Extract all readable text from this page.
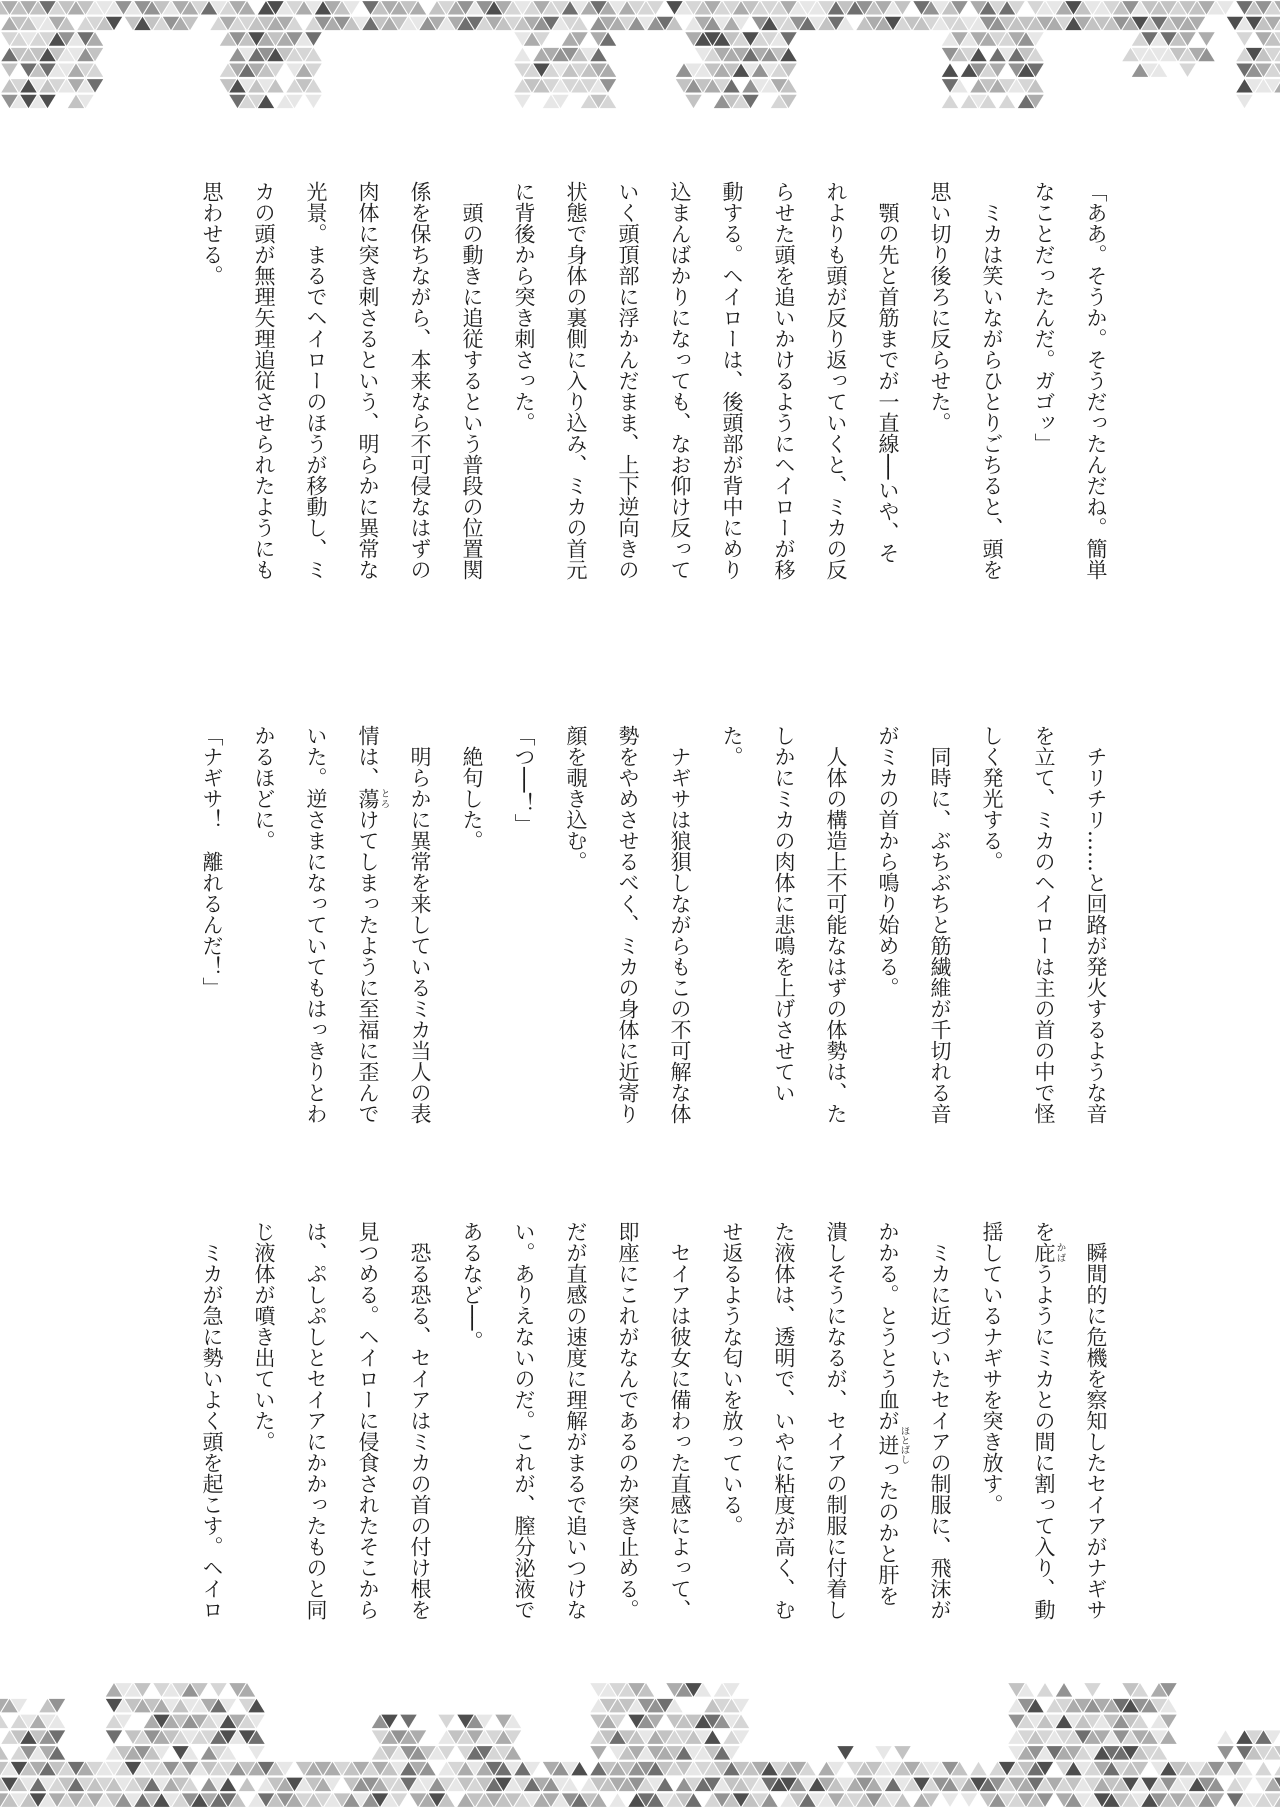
「ああ。そうか。そうだったんだね。簡単なことだったんだ。ガゴッ」

ミカは笑いながらひとりごちると、頭を思い切り後ろに反らせた。

顎の先と首筋までが一直線──いや、それよりも頭が反り返っていくと、ミカの反らせた頭を追いかけるようにヘイローが移動する。ヘイローは、後頭部が背中にめり込まんばかりになっても、なお仰け反っていく頭頂部に浮かんだまま、上下逆向きの状態で身体の裏側に入り込み、ミカの首元に背後から突き刺さった。

頭の動きに追従するという普段の位置関係を保ちながら、本来なら不可侵なはずの肉体に突き刺さるという、明らかに異常な光景。まるでヘイローのほうが移動し、ミカの頭が無理矢理追従させられたようにも思わせる。

チリチリ……と回路が発火するような音を立て、ミカのヘイローは主の首の中で怪しく発光する。

同時に、ぶちぶちと筋繊維が千切れる音がミカの首から鳴り始める。

人体の構造上不可能なはずの体勢は、たしかにミカの肉体に悲鳴を上げさせていた。

ナギサは狼狽しながらもこの不可解な体勢をやめさせるべく、ミカの身体に近寄り顔を覗き込む。

「つ──！」

絶句した。

明らかに異常を来しているミカ当人の表情は、蕩とろけてしまったように至福に歪んでいた。逆さまになっていてもはっきりとわかるほどに。

「ナギサ！　離れるんだ！」

瞬間的に危機を察知したセイアがナギサを庇かばうようにミカとの間に割って入り、動揺しているナギサを突き放す。

ミカに近づいたセイアの制服に、飛沫がかかる。とうとう血が迸ほとばしったのかと肝を潰しそうになるが、セイアの制服に付着した液体は、透明で、いやに粘度が高く、むせ返るような匂いを放っている。

セイアは彼女に備わった直感によって、即座にこれがなんであるのか突き止める。だが直感の速度に理解がまるで追いつけない。ありえないのだ。これが、膣分泌液であるなど──。

恐る恐る、セイアはミカの首の付け根を見つめる。ヘイローに侵食されたそこからは、ぷしぷしとセイアにかかったものと同じ液体が噴き出ていた。

ミカが急に勢いよく頭を起こす。ヘイロ
